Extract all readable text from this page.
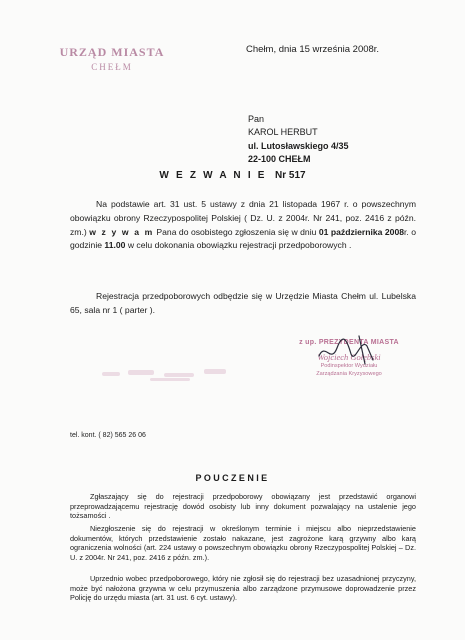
URZĄD MIASTA
CHEŁM
Chełm, dnia 15 września 2008r.
Pan
KAROL HERBUT
ul. Lutosławskiego 4/35
22-100 CHEŁM
W E Z W A N I E Nr 517
Na podstawie art. 31 ust. 5 ustawy z dnia 21 listopada 1967 r. o powszechnym obowiązku obrony Rzeczypospolitej Polskiej ( Dz. U. z 2004r. Nr 241, poz. 2416 z późn. zm.) w z y w a m Pana do osobistego zgłoszenia się w dniu 01 października 2008r. o godzinie 11.00 w celu dokonania obowiązku rejestracji przedpoborowych .
Rejestracja przedpoborowych odbędzie się w Urzędzie Miasta Chełm ul. Lubelska 65, sala nr 1 ( parter ).
z up. PREZYDENTA MIASTA
Wojciech Gołębski
Podinspektor Wydziału
Zarządzania Kryzysowego
tel. kont. ( 82) 565 26 06
POUCZENIE
Zgłaszający się do rejestracji przedpoborowy obowiązany jest przedstawić organowi przeprowadzającemu rejestrację dowód osobisty lub inny dokument pozwalający na ustalenie jego tożsamości .
Niezgłoszenie się do rejestracji w określonym terminie i miejscu albo nieprzedstawienie dokumentów, których przedstawienie zostało nakazane, jest zagrożone karą grzywny albo karą ograniczenia wolności (art. 224 ustawy o powszechnym obowiązku obrony Rzeczypospolitej Polskiej – Dz. U. z 2004r. Nr 241, poz. 2416 z późn. zm.).
Uprzednio wobec przedpoborowego, który nie zgłosił się do rejestracji bez uzasadnionej przyczyny, może być nałożona grzywna w celu przymuszenia albo zarządzone przymusowe doprowadzenie przez Policję do urzędu miasta (art. 31 ust. 6 cyt. ustawy).
